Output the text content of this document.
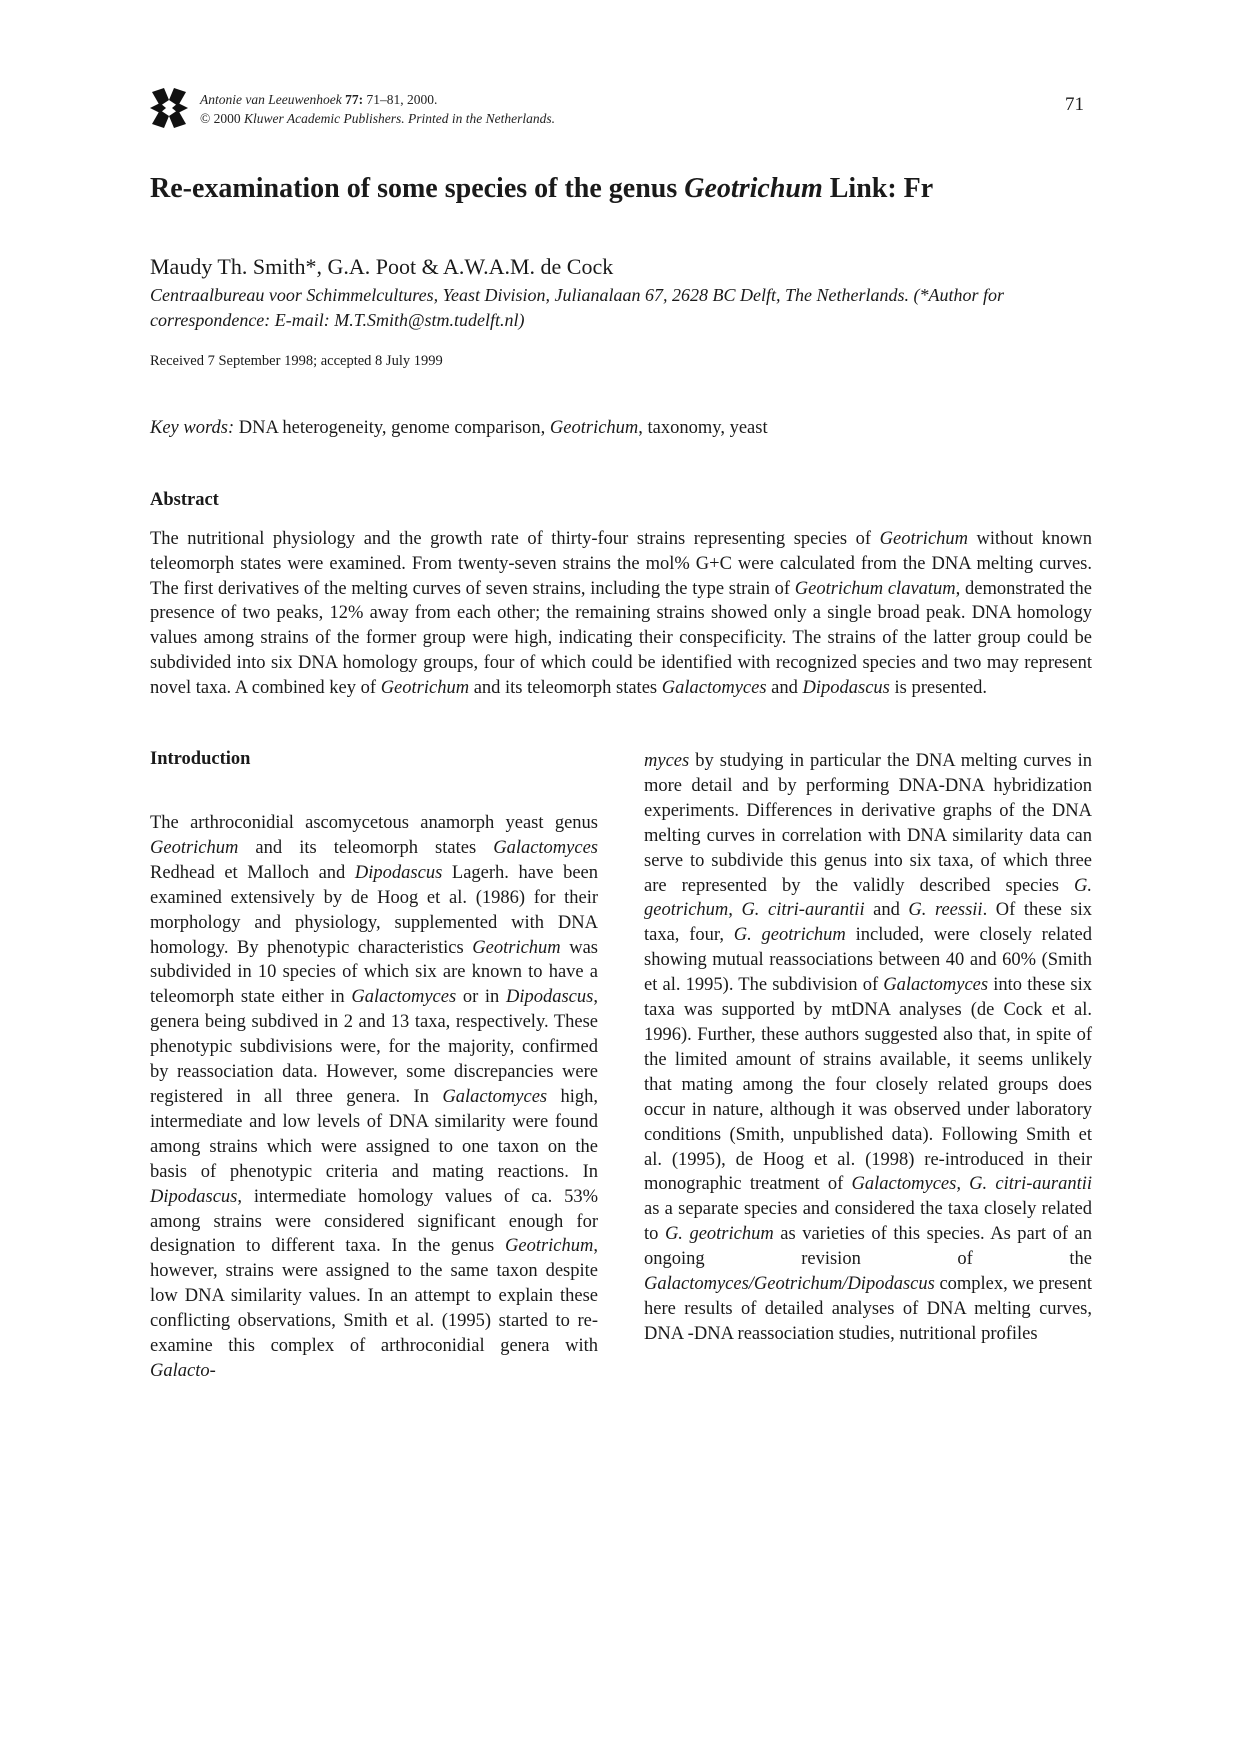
Antonie van Leeuwenhoek 77: 71–81, 2000.
© 2000 Kluwer Academic Publishers. Printed in the Netherlands.
71
Re-examination of some species of the genus Geotrichum Link: Fr
Maudy Th. Smith*, G.A. Poot & A.W.A.M. de Cock
Centraalbureau voor Schimmelcultures, Yeast Division, Julianalaan 67, 2628 BC Delft, The Netherlands. (*Author for correspondence: E-mail: M.T.Smith@stm.tudelft.nl)
Received 7 September 1998; accepted 8 July 1999
Key words: DNA heterogeneity, genome comparison, Geotrichum, taxonomy, yeast
Abstract
The nutritional physiology and the growth rate of thirty-four strains representing species of Geotrichum without known teleomorph states were examined. From twenty-seven strains the mol% G+C were calculated from the DNA melting curves. The first derivatives of the melting curves of seven strains, including the type strain of Geotrichum clavatum, demonstrated the presence of two peaks, 12% away from each other; the remaining strains showed only a single broad peak. DNA homology values among strains of the former group were high, indicating their conspecificity. The strains of the latter group could be subdivided into six DNA homology groups, four of which could be identified with recognized species and two may represent novel taxa. A combined key of Geotrichum and its teleomorph states Galactomyces and Dipodascus is presented.
Introduction
The arthroconidial ascomycetous anamorph yeast genus Geotrichum and its teleomorph states Galactomyces Redhead et Malloch and Dipodascus Lagerh. have been examined extensively by de Hoog et al. (1986) for their morphology and physiology, supplemented with DNA homology. By phenotypic characteristics Geotrichum was subdivided in 10 species of which six are known to have a teleomorph state either in Galactomyces or in Dipodascus, genera being subdived in 2 and 13 taxa, respectively. These phenotypic subdivisions were, for the majority, confirmed by reassociation data. However, some discrepancies were registered in all three genera. In Galactomyces high, intermediate and low levels of DNA similarity were found among strains which were assigned to one taxon on the basis of phenotypic criteria and mating reactions. In Dipodascus, intermediate homology values of ca. 53% among strains were considered significant enough for designation to different taxa. In the genus Geotrichum, however, strains were assigned to the same taxon despite low DNA similarity values. In an attempt to explain these conflicting observations, Smith et al. (1995) started to re-examine this complex of arthroconidial genera with Galacto-
myces by studying in particular the DNA melting curves in more detail and by performing DNA-DNA hybridization experiments. Differences in derivative graphs of the DNA melting curves in correlation with DNA similarity data can serve to subdivide this genus into six taxa, of which three are represented by the validly described species G. geotrichum, G. citri-aurantii and G. reessii. Of these six taxa, four, G. geotrichum included, were closely related showing mutual reassociations between 40 and 60% (Smith et al. 1995). The subdivision of Galactomyces into these six taxa was supported by mtDNA analyses (de Cock et al. 1996). Further, these authors suggested also that, in spite of the limited amount of strains available, it seems unlikely that mating among the four closely related groups does occur in nature, although it was observed under laboratory conditions (Smith, unpublished data). Following Smith et al. (1995), de Hoog et al. (1998) re-introduced in their monographic treatment of Galactomyces, G. citri-aurantii as a separate species and considered the taxa closely related to G. geotrichum as varieties of this species. As part of an ongoing revision of the Galactomyces/Geotrichum/Dipodascus complex, we present here results of detailed analyses of DNA melting curves, DNA -DNA reassociation studies, nutritional profiles
